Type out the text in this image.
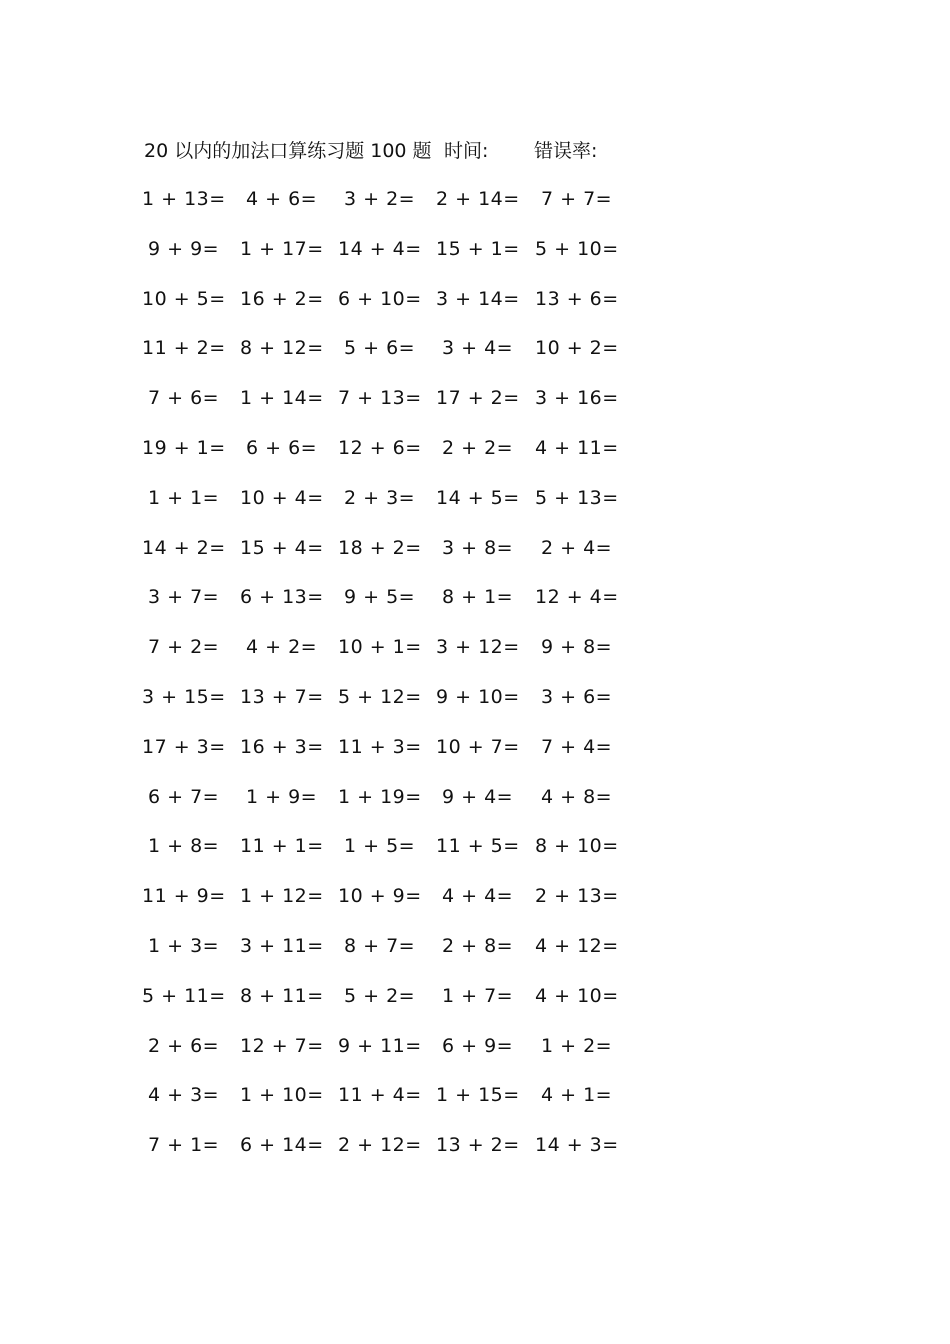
20 以内的加法口算练习题 100 题 时间: 错误率:
1 + 13= 4 + 6= 3 + 2= 2 + 14= 7 + 7=
9 + 9= 1 + 17= 14 + 4= 15 + 1= 5 + 10=
10 + 5= 16 + 2= 6 + 10= 3 + 14= 13 + 6=
11 + 2= 8 + 12= 5 + 6= 3 + 4= 10 + 2=
7 + 6= 1 + 14= 7 + 13= 17 + 2= 3 + 16=
19 + 1= 6 + 6= 12 + 6= 2 + 2= 4 + 11=
1 + 1= 10 + 4= 2 + 3= 14 + 5= 5 + 13=
14 + 2= 15 + 4= 18 + 2= 3 + 8= 2 + 4=
3 + 7= 6 + 13= 9 + 5= 8 + 1= 12 + 4=
7 + 2= 4 + 2= 10 + 1= 3 + 12= 9 + 8=
3 + 15= 13 + 7= 5 + 12= 9 + 10= 3 + 6=
17 + 3= 16 + 3= 11 + 3= 10 + 7= 7 + 4=
6 + 7= 1 + 9= 1 + 19= 9 + 4= 4 + 8=
1 + 8= 11 + 1= 1 + 5= 11 + 5= 8 + 10=
11 + 9= 1 + 12= 10 + 9= 4 + 4= 2 + 13=
1 + 3= 3 + 11= 8 + 7= 2 + 8= 4 + 12=
5 + 11= 8 + 11= 5 + 2= 1 + 7= 4 + 10=
2 + 6= 12 + 7= 9 + 11= 6 + 9= 1 + 2=
4 + 3= 1 + 10= 11 + 4= 1 + 15= 4 + 1=
7 + 1= 6 + 14= 2 + 12= 13 + 2= 14 + 3=
